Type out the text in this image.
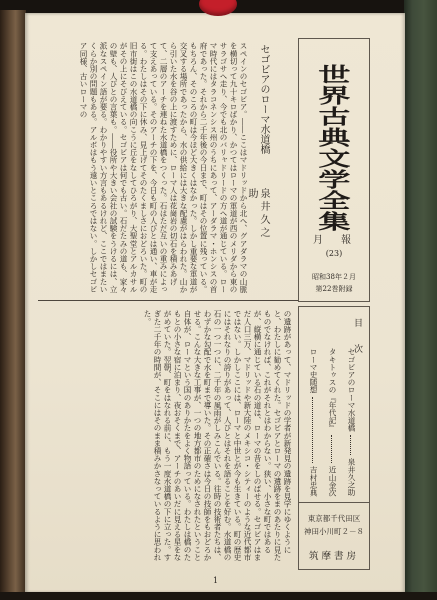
世界古典文学全集
月　報
(23)
昭和38年２月
第22巻附録
セゴビアのローマ水道橋
泉井久之助
スペインのセゴビア。――ここはマドリッドから北へ、グアダラマの山脈を横切って九十キロばかり、かつてはローマの軍道が西のメリダから東のサラゴサへ走り、今でも北のバリャドリードの方へ道が通じている。ローマ時代にはタラコネンシス州のうちにあって、アーダラマ・ホンシスの首府であった。それから二千年後の今日まで、町はその位置に残っている。もちろん、そのころの町は今ほど大きくはなかった。しかし重要な軍道が交叉する場所であったから、水の供給には大きな配慮がはらわれた。山から引いた水を谷の上に渡すために、ローマ人は花崗岩の切石を積みあげて、二層のアーチを連ねた水道橋をつくった。石はただ互いの重みによって支えあっている。そのアーチの下を、今日も町の人びとは通い、車が走る。わたしはその下に休み、見上げてそのたくましさにおどろいた。町の旧市街はこの水道橋の向こうに丘をなしてひろがり、大聖堂とアルカサルがその上にそびえている。セゴビアは何でも古い。石だたみの道も、家々の壁も、人びとの言葉も。――役所や大きい会社の試験をうけるには、立派なスペイン語が要る。わかりやすい方言もあるけれど、ここではまたいくらか別の問題もある。アルボはもう遠いところではない。しかしセゴビア同様、古いローマの
の遺跡があって、マドリッドの学者が新発見の遺跡を見学にゆくようにと、わたしに勧めてくれた。セゴビアとローマの遺跡をまのあたりに見たものでなければ、これがそれとはわからない。狭い、小さな町ではあるが、縦横に通じている石の道は、ローマの昔をしのばせる。セゴビアはまだ人口三万、マドリッドや新大陸のメキシコ・シティーのような近代都市ではない。しかしここには、ローマと中世とが今も生きている。町の歴史にはそれなりの誇りがあって、人びとはそれを語ることを好む。水道橋の石の一つ一つに、二千年の風雨がしみこんでいる。往時の技術者たちは、わずかな勾配で水を町まで導いた。その正確さは今日の技師をもおどろかせる。こんな大きな工事が、一つの地方都市のためになされたということ自体が、ローマという国のありかたをよく物語っている。わたしは橋のたもとの小さな宿に泊まり、夜おそくまで、アーチのあいだに見える星をながめていた。翌朝、町をはなれる前に、もう一度水道橋の下に立った。すぎた二千年の時間が、そこにはそのまま積みかさなっているように思われた。
目　次
セゴビアのローマ水道橋
泉井久之助
タキトゥスの『年代記』
近山金次
ローマ史随想
吉村忠典
東京都千代田区
神田小川町２－８
筑摩書房
1
